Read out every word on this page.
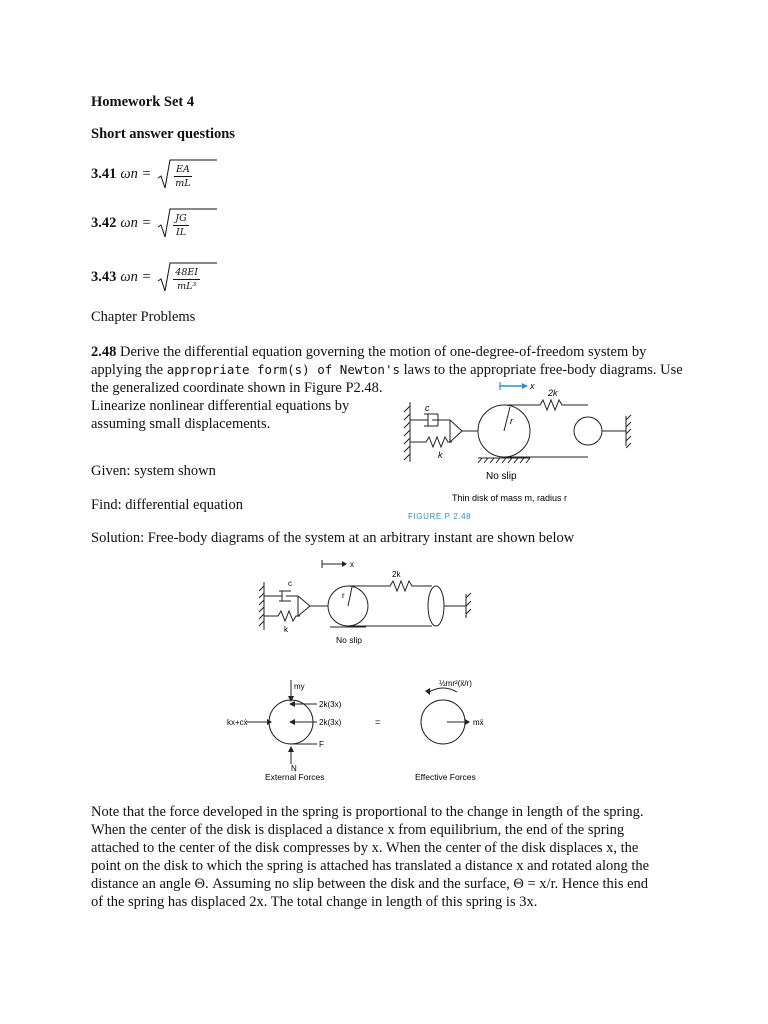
Homework Set 4
Short answer questions
3.41 $\omega n = \frac{EA}{mL}$
3.42 $\omega n = \frac{JG}{IL}$
3.43 $\omega n = \frac{48EI}{\text{mL³}}$
Chapter Problems
2.48 Derive the differential equation governing the motion of one-degree-of-freedom system by
applying the appropriate form(s) of Newton's laws to the appropriate free-body diagrams. Use
the generalized coordinate shown in Figure P2.48.
Linearize nonlinear differential equations by
assuming small displacements.
Given: system shown
Find: differential equation
Solution: Free-body diagrams of the system at an arbitrary instant are shown below
x
2k
c
r
k
No slip
Thin disk of mass m, radius r
FIGURE P 2.48
x
2k
c
r
k
No slip
my
2k(3x)
kx+cẋ	2k(3x)
F
N
=
½mr²(ẍ/r)
mẍ
External Forces	Effective Forces
Note that the force developed in the spring is proportional to the change in length of the spring.
When the center of the disk is displaced a distance x from equilibrium, the end of the spring
attached to the center of the disk compresses by x. When the center of the disk displaces x, the
point on the disk to which the spring is attached has translated a distance x and rotated along the
distance an angle Θ. Assuming no slip between the disk and the surface, Θ = x/r. Hence this end
of the spring has displaced 2x. The total change in length of this spring is 3x.
